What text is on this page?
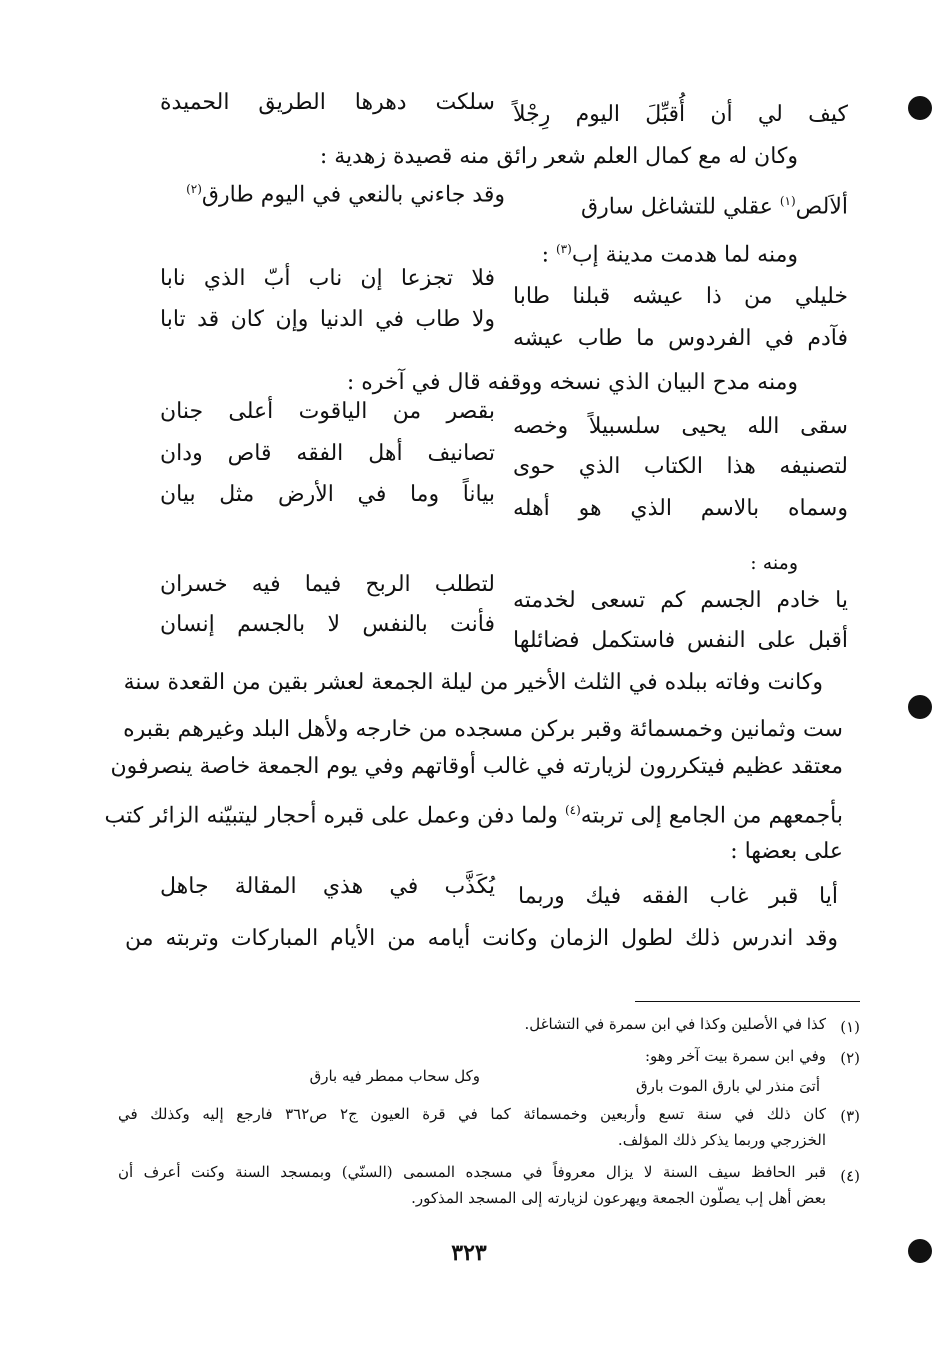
كيف لي أن أُقبِّلَ اليوم رِجْلاً
سلكت دهرها الطريق الحميدة
وكان له مع كمال العلم شعر رائق منه قصيدة زهدية :
ألاَلص$^{(١)}$ عقلي للتشاغل سارق
وقد جاءني بالنعي في اليوم طارق$^{(٢)}$
ومنه لما هدمت مدينة إب$^{(٣)}$ :
خليلي من ذا عيشه قبلنا طابا
فلا تجزعا إن ناب أبّ الذي نابا
فآدم في الفردوس ما طاب عيشه
ولا طاب في الدنيا وإن كان قد تابا
ومنه مدح البيان الذي نسخه ووقفه قال في آخره :
سقى الله يحيى سلسبيلاً وخصه
بقصر من الياقوت أعلى جنان
لتصنيفه هذا الكتاب الذي حوى
تصانيف أهل الفقه قاص ودان
وسماه بالاسم الذي هو أهله
بياناً وما في الأرض مثل بيان
ومنه :
يا خادم الجسم كم تسعى لخدمته
لتطلب الربح فيما فيه خسران
أقبل على النفس فاستكمل فضائلها
فأنت بالنفس لا بالجسم إنسان
وكانت وفاته ببلده في الثلث الأخير من ليلة الجمعة لعشر بقين من القعدة سنة
ست وثمانين وخمسمائة وقبر بركن مسجده من خارجه ولأهل البلد وغيرهم بقبره
معتقد عظيم فيتكررون لزيارته في غالب أوقاتهم وفي يوم الجمعة خاصة ينصرفون
بأجمعهم من الجامع إلى تربته$^{(٤)}$ ولما دفن وعمل على قبره أحجار ليتبيّنه الزائر كتب
على بعضها :
أيا قبر غاب الفقه فيك وربما
يُكَذَّب في هذي المقالة جاهل
وقد اندرس ذلك لطول الزمان وكانت أيامه من الأيام المباركات وتربته من
(١)
كذا في الأصلين وكذا في ابن سمرة في التشاغل.
(٢)
وفي ابن سمرة بيت آخر وهو:
أتىَ منذر لي بارق الموت بارق
وكل سحاب ممطر فيه بارق
(٣)
كان ذلك في سنة تسع وأربعين وخمسمائة كما في قرة العيون ج٢ ص٣٦٢ فارجع إليه وكذلك في
الخزرجي وربما يذكر ذلك المؤلف.
(٤)
قبر الحافظ سيف السنة لا يزال معروفاً في مسجده المسمى (السنّي) وبمسجد السنة وكنت أعرف أن
بعض أهل إب يصلّون الجمعة ويهرعون لزيارته إلى المسجد المذكور.
٣٢٣
